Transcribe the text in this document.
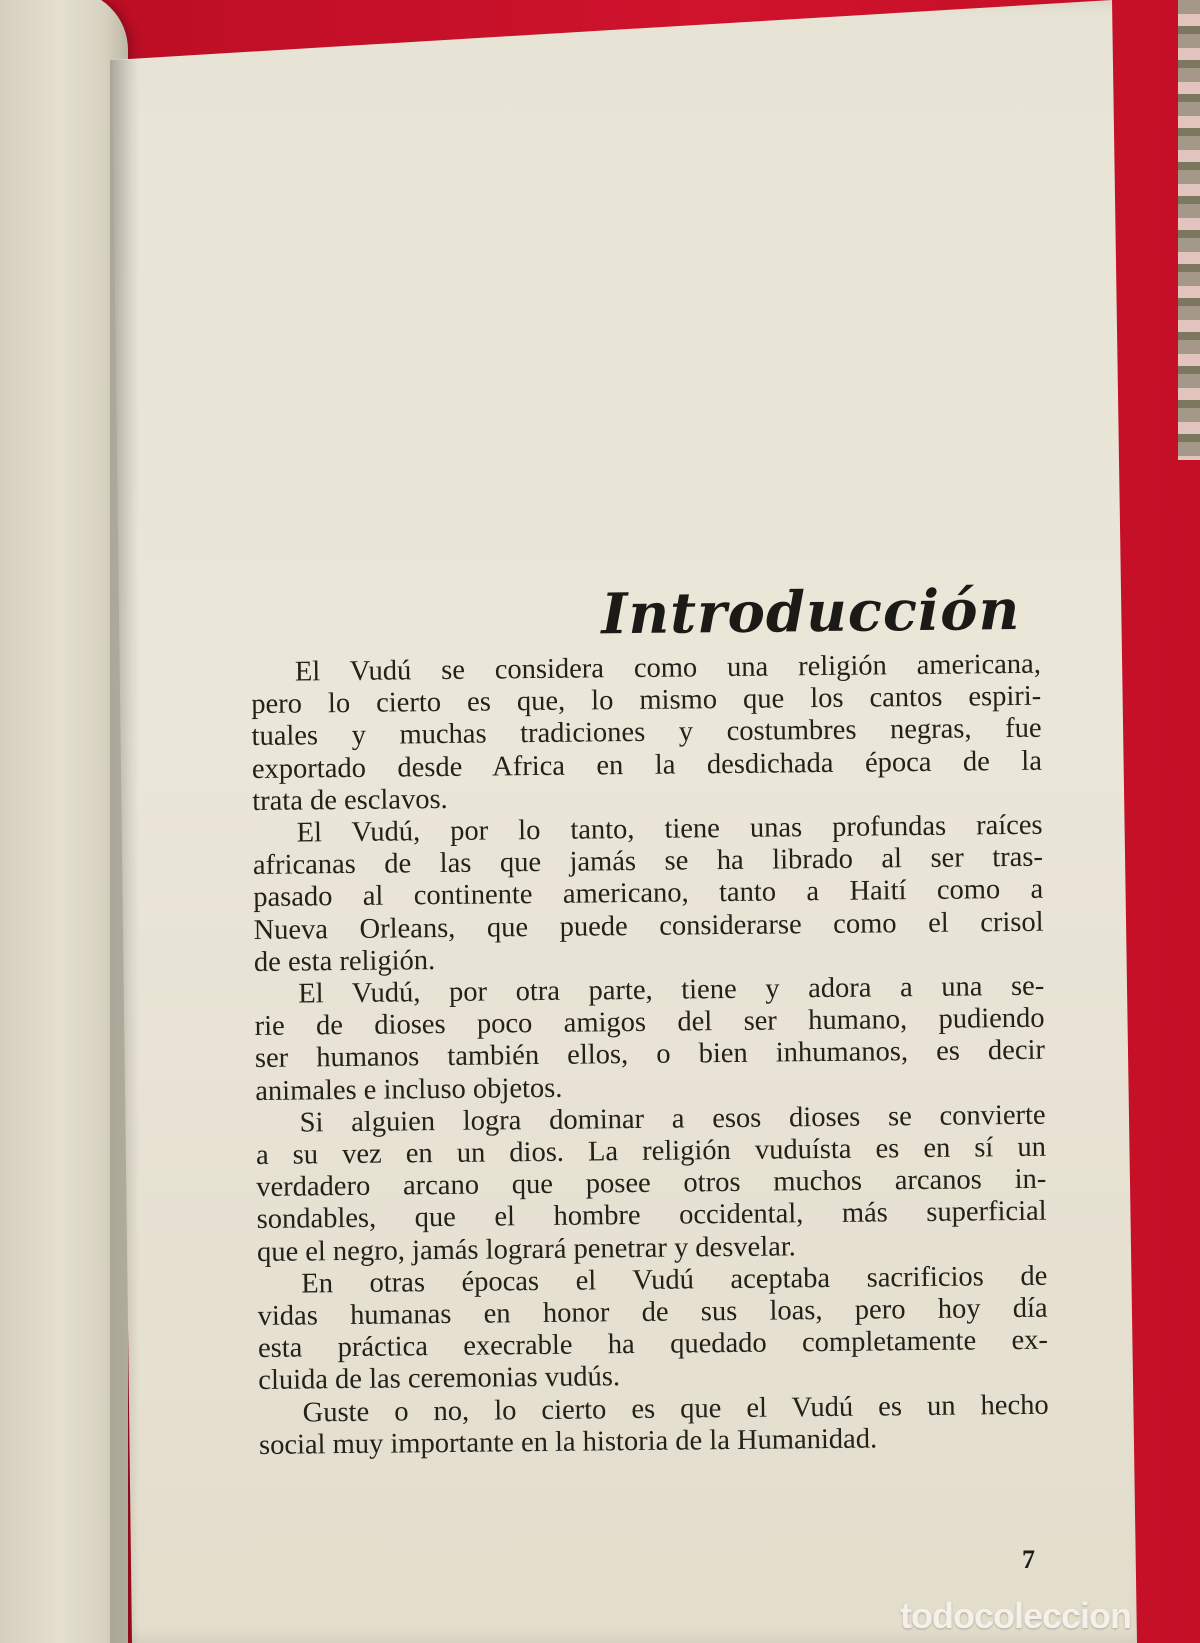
Introducción
El Vudú se considera como una religión americana,
pero lo cierto es que, lo mismo que los cantos espiri-
tuales y muchas tradiciones y costumbres negras, fue
exportado desde Africa en la desdichada época de la
trata de esclavos.
El Vudú, por lo tanto, tiene unas profundas raíces
africanas de las que jamás se ha librado al ser tras-
pasado al continente americano, tanto a Haití como a
Nueva Orleans, que puede considerarse como el crisol
de esta religión.
El Vudú, por otra parte, tiene y adora a una se-
rie de dioses poco amigos del ser humano, pudiendo
ser humanos también ellos, o bien inhumanos, es decir
animales e incluso objetos.
Si alguien logra dominar a esos dioses se convierte
a su vez en un dios. La religión vuduísta es en sí un
verdadero arcano que posee otros muchos arcanos in-
sondables, que el hombre occidental, más superficial
que el negro, jamás logrará penetrar y desvelar.
En otras épocas el Vudú aceptaba sacrificios de
vidas humanas en honor de sus loas, pero hoy día
esta práctica execrable ha quedado completamente ex-
cluida de las ceremonias vudús.
Guste o no, lo cierto es que el Vudú es un hecho
social muy importante en la historia de la Humanidad.
7
todocoleccion
